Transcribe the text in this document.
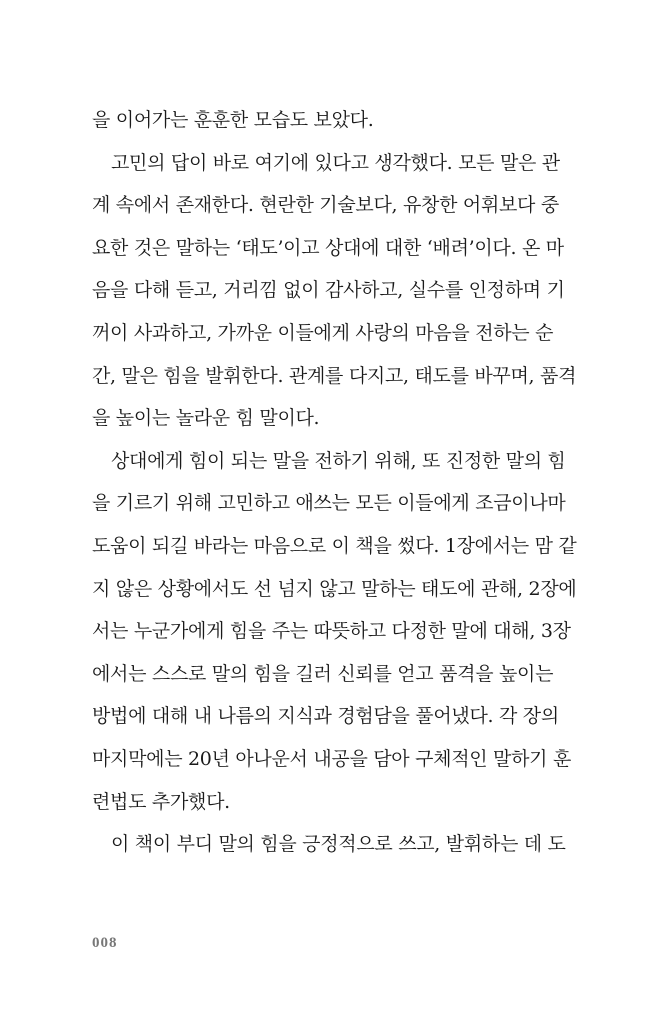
을 이어가는 훈훈한 모습도 보았다.
고민의 답이 바로 여기에 있다고 생각했다. 모든 말은 관
계 속에서 존재한다. 현란한 기술보다, 유창한 어휘보다 중
요한 것은 말하는 ‘태도’이고 상대에 대한 ‘배려’이다. 온 마
음을 다해 듣고, 거리낌 없이 감사하고, 실수를 인정하며 기
꺼이 사과하고, 가까운 이들에게 사랑의 마음을 전하는 순
간, 말은 힘을 발휘한다. 관계를 다지고, 태도를 바꾸며, 품격
을 높이는 놀라운 힘 말이다.
상대에게 힘이 되는 말을 전하기 위해, 또 진정한 말의 힘
을 기르기 위해 고민하고 애쓰는 모든 이들에게 조금이나마
도움이 되길 바라는 마음으로 이 책을 썼다. 1장에서는 맘 같
지 않은 상황에서도 선 넘지 않고 말하는 태도에 관해, 2장에
서는 누군가에게 힘을 주는 따뜻하고 다정한 말에 대해, 3장
에서는 스스로 말의 힘을 길러 신뢰를 얻고 품격을 높이는
방법에 대해 내 나름의 지식과 경험담을 풀어냈다. 각 장의
마지막에는 20년 아나운서 내공을 담아 구체적인 말하기 훈
련법도 추가했다.
이 책이 부디 말의 힘을 긍정적으로 쓰고, 발휘하는 데 도
008
